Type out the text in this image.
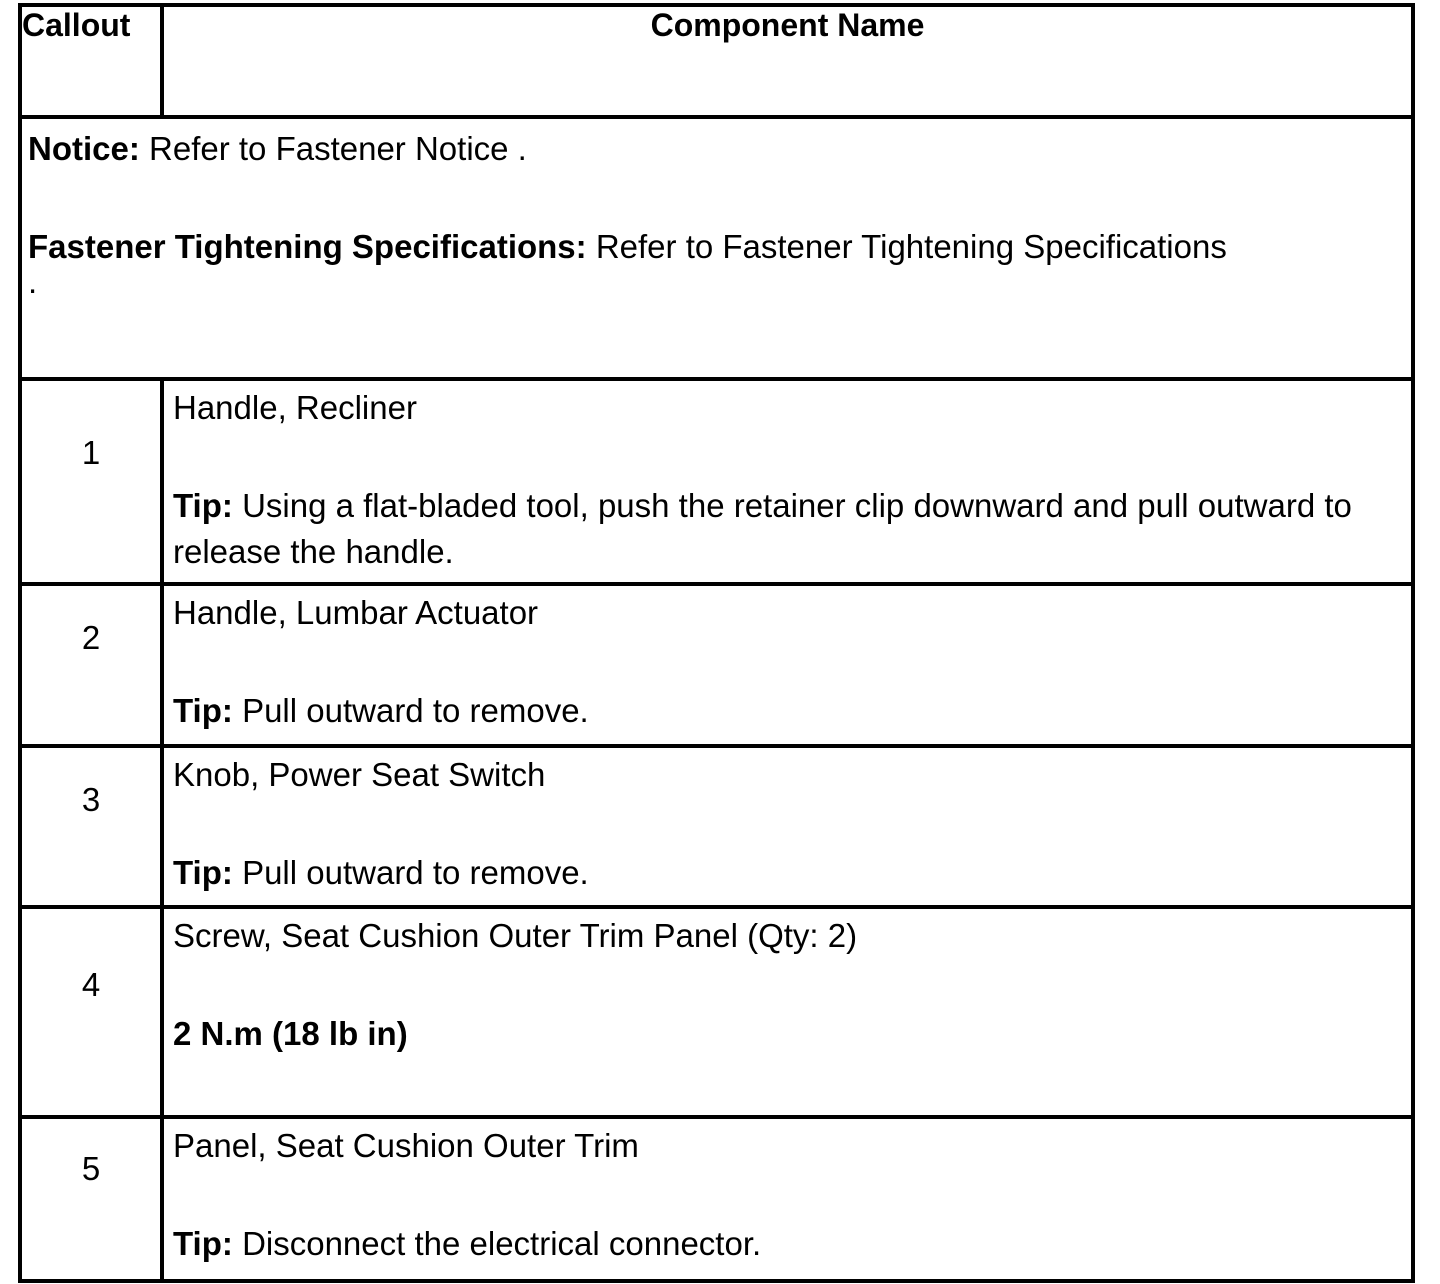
Callout	Component Name

Notice: Refer to Fastener Notice .

Fastener Tightening Specifications: Refer to Fastener Tightening Specifications
.	

1	Handle, Recliner

Tip: Using a flat-bladed tool, push the retainer clip downward and pull outward to release the handle.

2	Handle, Lumbar Actuator

Tip: Pull outward to remove.

3	Knob, Power Seat Switch

Tip: Pull outward to remove.

4	Screw, Seat Cushion Outer Trim Panel (Qty: 2)

2 N.m (18 lb in)

5	Panel, Seat Cushion Outer Trim

Tip: Disconnect the electrical connector.
